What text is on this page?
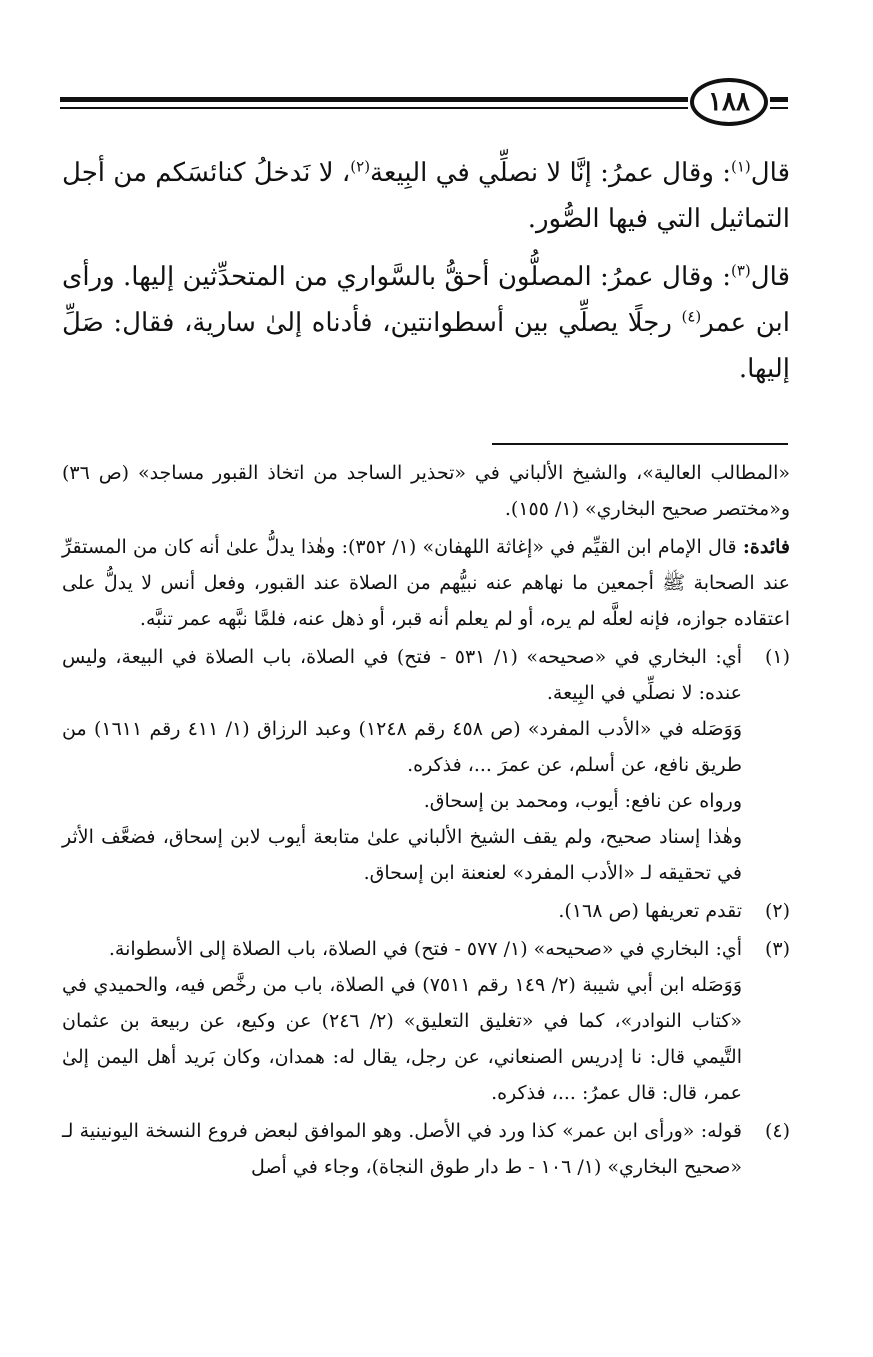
١٨٨

قال$^{(١)}$: وقال عمرُ: إنَّا لا نصلِّي في البِيعة$^{(٢)}$، لا نَدخلُ كنائسَكم من أجل التماثيل التي فيها الصُّور.

قال$^{(٣)}$: وقال عمرُ: المصلُّون أحقُّ بالسَّواري من المتحدِّثين إليها. ورأى ابن عمر$^{(٤)}$ رجلًا يصلِّي بين أسطوانتين، فأدناه إلىٰ سارية، فقال: صَلِّ إليها.

«المطالب العالية»، والشيخ الألباني في «تحذير الساجد من اتخاذ القبور مساجد» (ص ٣٦) و«مختصر صحيح البخاري» (١/ ١٥٥).

فائدة: قال الإمام ابن القيِّم في «إغاثة اللهفان» (١/ ٣٥٢): وهٰذا يدلُّ علىٰ أنه كان من المستقرِّ عند الصحابة ﷺ أجمعين ما نهاهم عنه نبيُّهم من الصلاة عند القبور، وفعل أنس لا يدلُّ على اعتقاده جوازه، فإنه لعلَّه لم يره، أو لم يعلم أنه قبر، أو ذهل عنه، فلمَّا نبَّهه عمر تنبَّه.

(١)

أي: البخاري في «صحيحه» (١/ ٥٣١ - فتح) في الصلاة، باب الصلاة في البيعة، وليس عنده: لا نصلِّي في البِيعة.

وَوَصَله في «الأدب المفرد» (ص ٤٥٨ رقم ١٢٤٨) وعبد الرزاق (١/ ٤١١ رقم ١٦١١) من طريق نافع، عن أسلم، عن عمرَ ...، فذكره.

ورواه عن نافع: أيوب، ومحمد بن إسحاق.

وهٰذا إسناد صحيح، ولم يقف الشيخ الألباني علىٰ متابعة أيوب لابن إسحاق، فضعَّف الأثر في تحقيقه لـ «الأدب المفرد» لعنعنة ابن إسحاق.

(٢)

تقدم تعريفها (ص ١٦٨).

(٣)

أي: البخاري في «صحيحه» (١/ ٥٧٧ - فتح) في الصلاة، باب الصلاة إلى الأسطوانة.

وَوَصَله ابن أبي شيبة (٢/ ١٤٩ رقم ٧٥١١) في الصلاة، باب من رخَّص فيه، والحميدي في «كتاب النوادر»، كما في «تغليق التعليق» (٢/ ٢٤٦) عن وكيع، عن ربيعة بن عثمان التَّيمي قال: نا إدريس الصنعاني، عن رجل، يقال له: همدان، وكان بَريد أهل اليمن إلىٰ عمر، قال: قال عمرُ: ...، فذكره.

(٤)

قوله: «ورأى ابن عمر» كذا ورد في الأصل. وهو الموافق لبعض فروع النسخة اليونينية لـ «صحيح البخاري» (١/ ١٠٦ - ط دار طوق النجاة)، وجاء في أصل
